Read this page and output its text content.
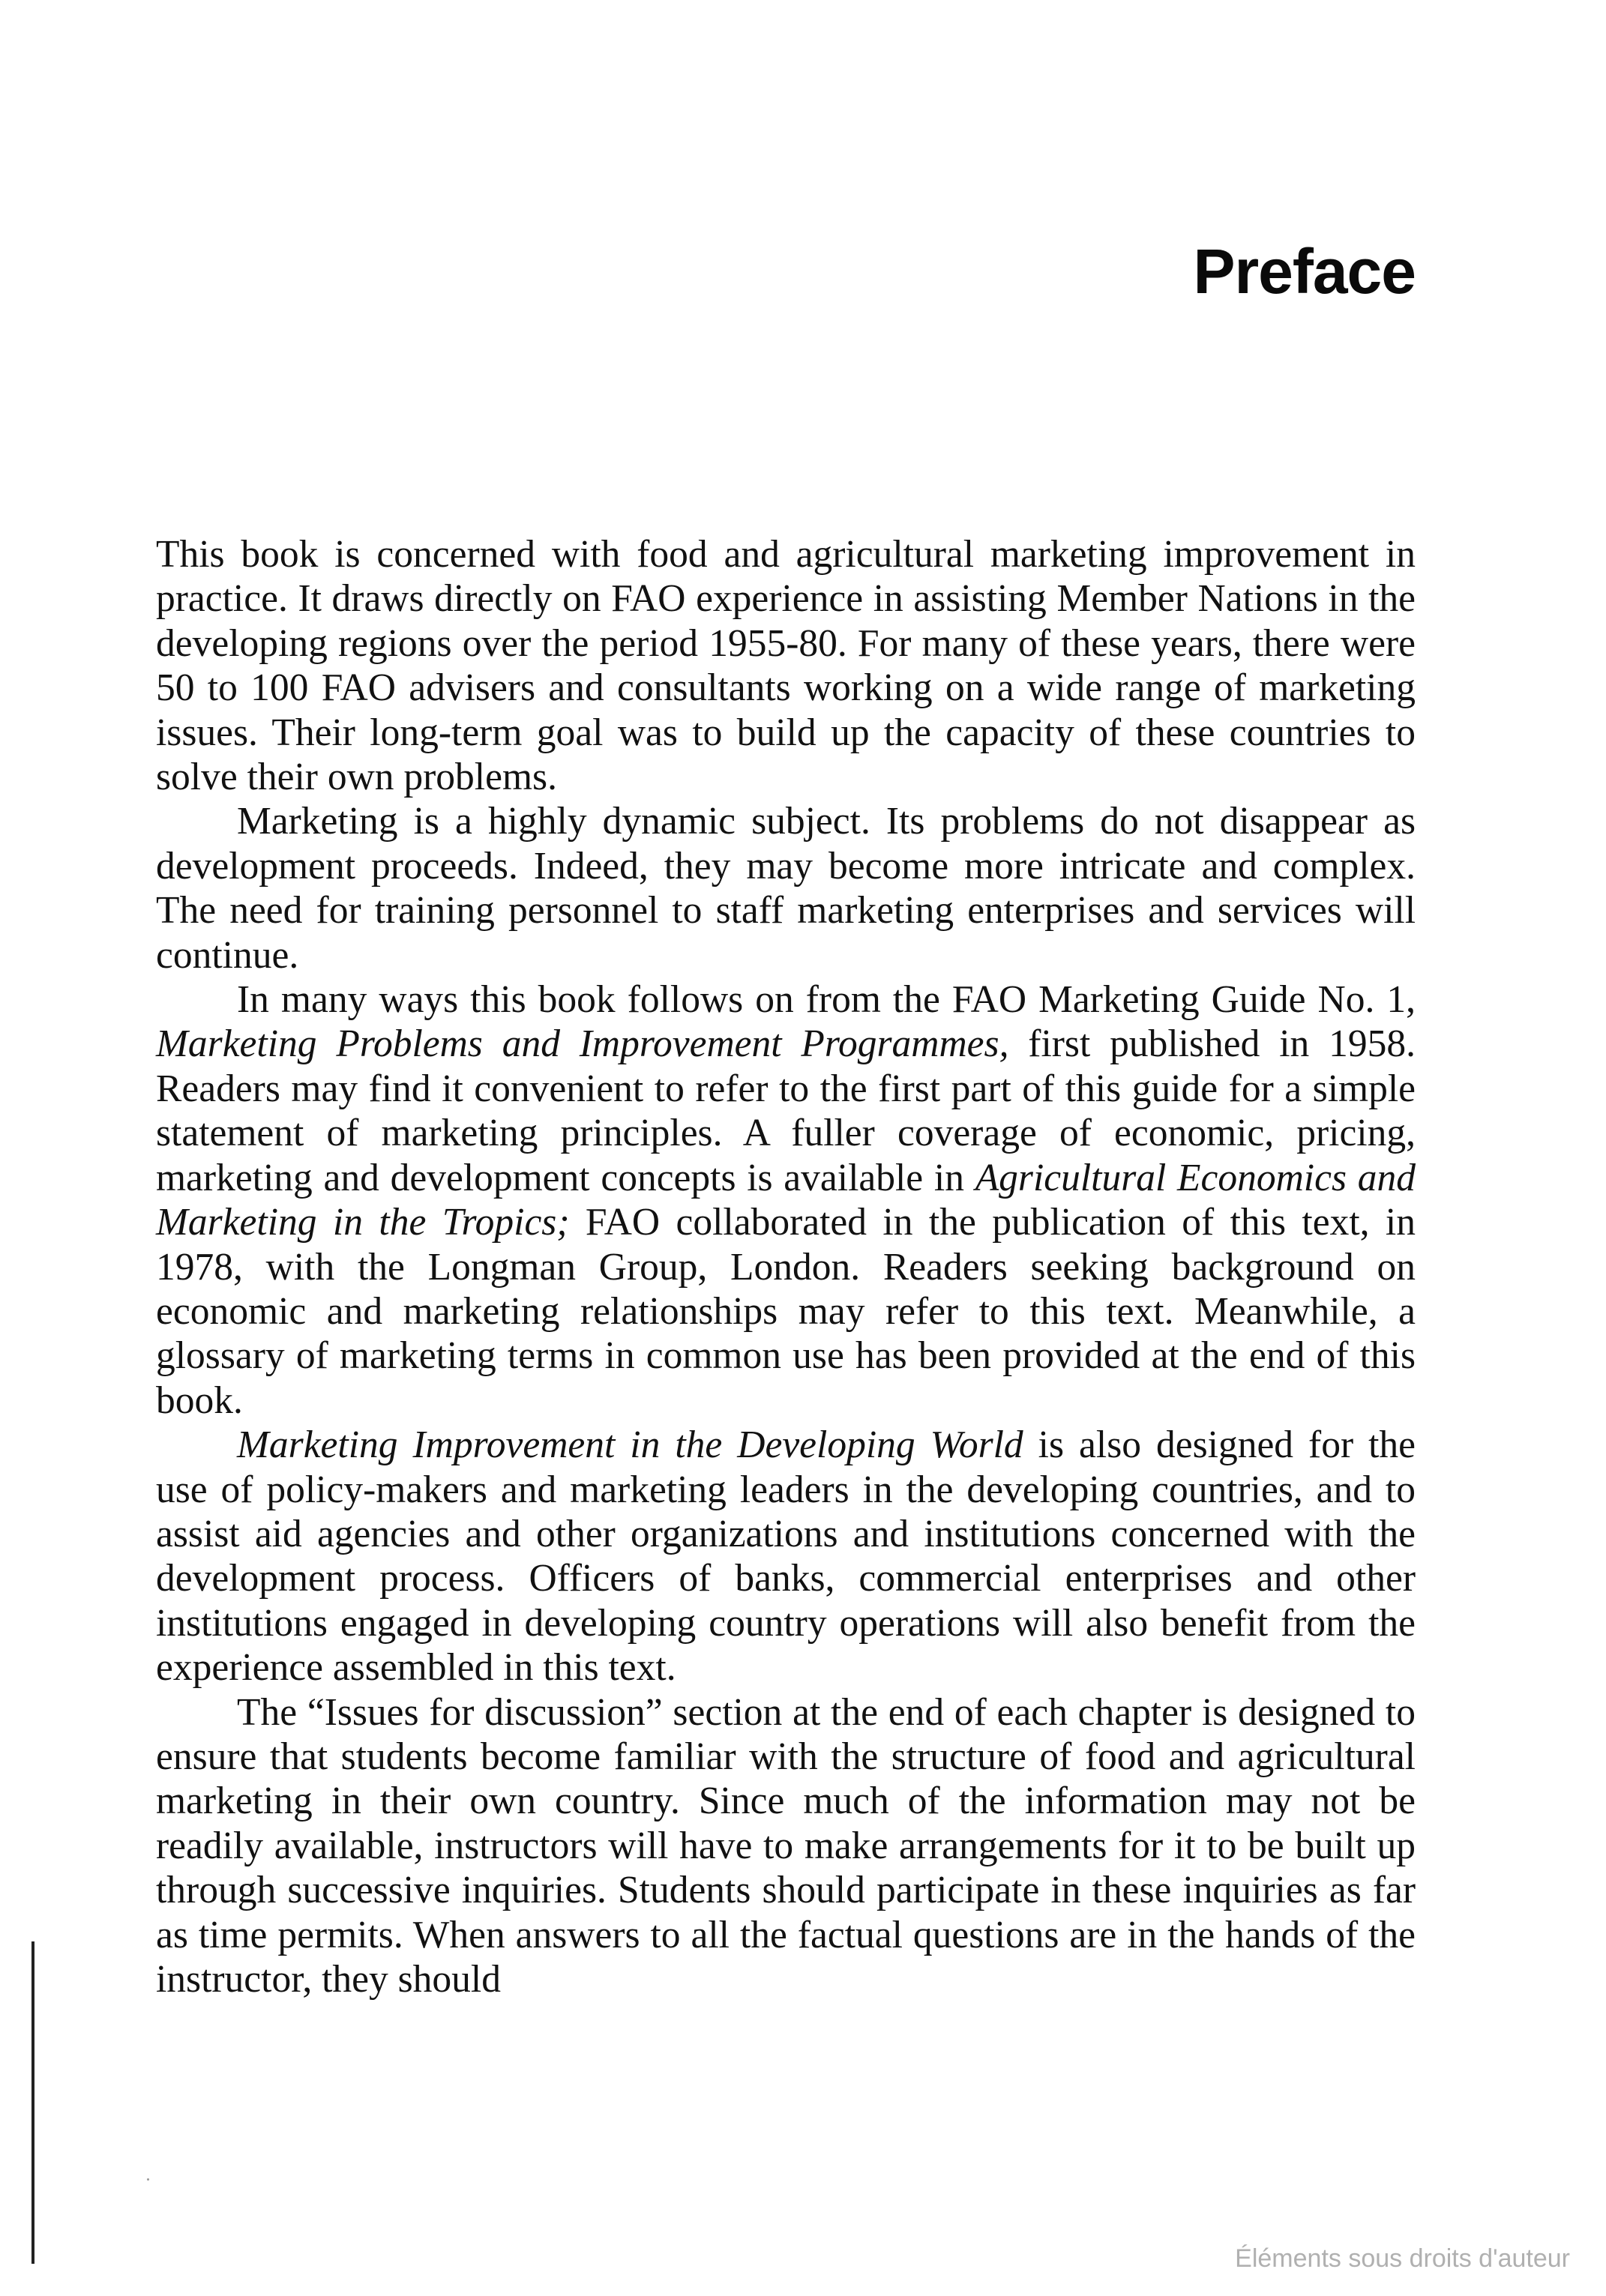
Preface

This book is concerned with food and agricultural marketing improvement in practice. It draws directly on FAO experience in assisting Member Nations in the developing regions over the period 1955-80. For many of these years, there were 50 to 100 FAO advisers and consultants working on a wide range of marketing issues. Their long-term goal was to build up the capacity of these countries to solve their own problems.

Marketing is a highly dynamic subject. Its problems do not disappear as development proceeds. Indeed, they may become more intricate and complex. The need for training personnel to staff marketing enterprises and services will continue.

In many ways this book follows on from the FAO Marketing Guide No. 1, Marketing Problems and Improvement Programmes, first published in 1958. Readers may find it convenient to refer to the first part of this guide for a simple statement of marketing principles. A fuller coverage of economic, pricing, marketing and development concepts is available in Agricultural Economics and Marketing in the Tropics; FAO collaborated in the publication of this text, in 1978, with the Longman Group, London. Readers seeking background on economic and marketing relationships may refer to this text. Meanwhile, a glossary of marketing terms in common use has been provided at the end of this book.

Marketing Improvement in the Developing World is also designed for the use of policy-makers and marketing leaders in the developing countries, and to assist aid agencies and other organizations and institutions concerned with the development process. Officers of banks, commercial enterprises and other institutions engaged in developing country operations will also benefit from the experience assembled in this text.

The “Issues for discussion” section at the end of each chapter is designed to ensure that students become familiar with the structure of food and agricultural marketing in their own country. Since much of the information may not be readily available, instructors will have to make arrangements for it to be built up through successive inquiries. Students should participate in these inquiries as far as time permits. When answers to all the factual questions are in the hands of the instructor, they should

Éléments sous droits d'auteur
